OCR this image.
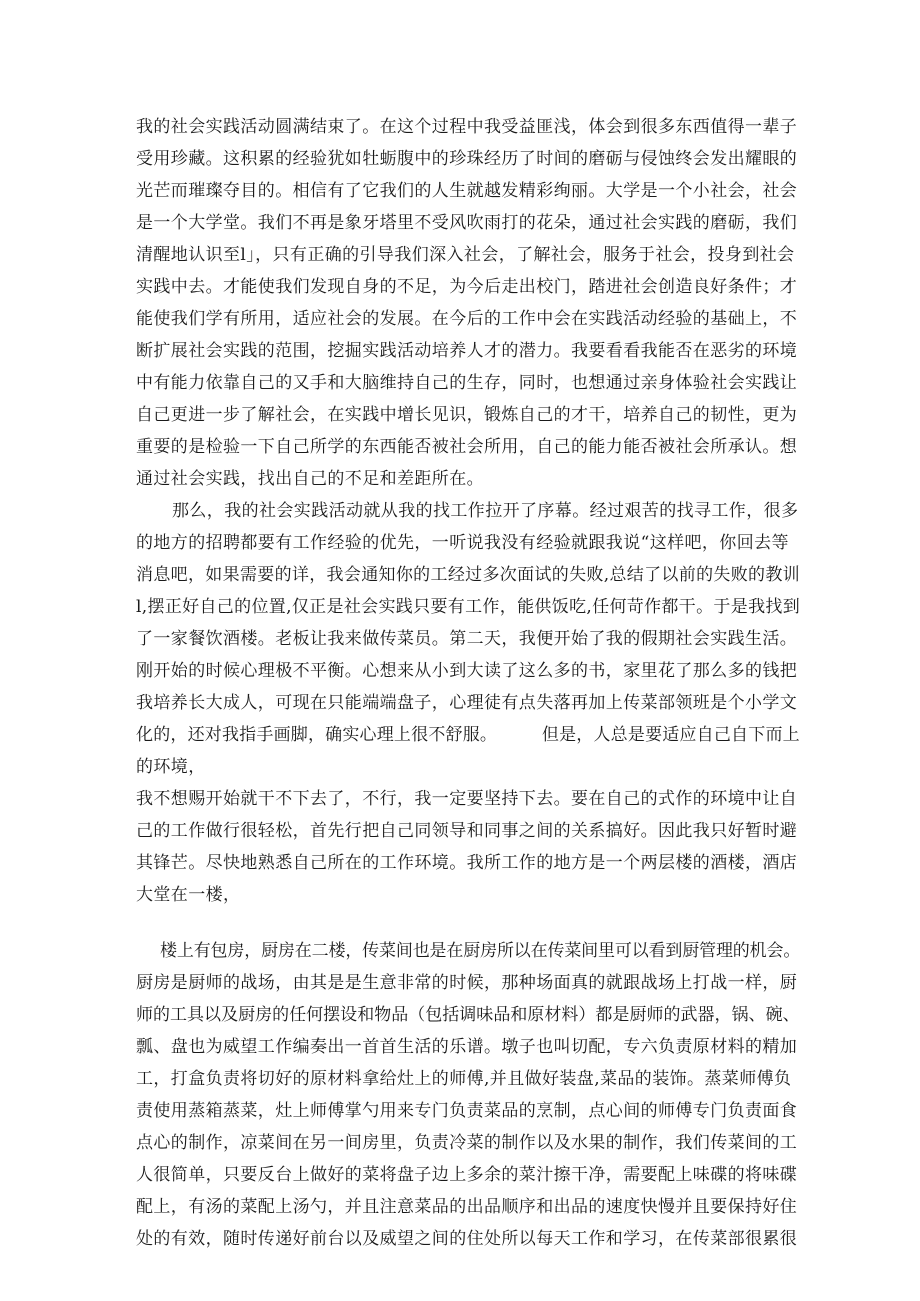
我的社会实践活动圆满结束了。在这个过程中我受益匪浅，体会到很多东西值得一辈子
受用珍藏。这积累的经验犹如牡蛎腹中的珍珠经历了时间的磨砺与侵蚀终会发出耀眼的
光芒而璀璨夺目的。相信有了它我们的人生就越发精彩绚丽。大学是一个小社会，社会
是一个大学堂。我们不再是象牙塔里不受风吹雨打的花朵，通过社会实践的磨砺，我们
清醒地认识至l」，只有正确的引导我们深入社会，了解社会，服务于社会，投身到社会
实践中去。才能使我们发现自身的不足，为今后走出校门，踏进社会创造良好条件；才
能使我们学有所用，适应社会的发展。在今后的工作中会在实践活动经验的基础上，不
断扩展社会实践的范围，挖掘实践活动培养人才的潜力。我要看看我能否在恶劣的环境
中有能力依靠自己的又手和大脑维持自己的生存，同时，也想通过亲身体验社会实践让
自己更进一步了解社会，在实践中增长见识，锻炼自己的才干，培养自己的韧性，更为
重要的是检验一下自己所学的东西能否被社会所用，自己的能力能否被社会所承认。想
通过社会实践，找出自己的不足和差距所在。
那么，我的社会实践活动就从我的找工作拉开了序幕。经过艰苦的找寻工作，很多
的地方的招聘都要有工作经验的优先，一听说我没有经验就跟我说“这样吧，你回去等
消息吧，如果需要的详，我会通知你的工经过多次面试的失败,总结了以前的失败的教训
l,摆正好自己的位置,仅正是社会实践只要有工作，能供饭吃,任何苛作都干。于是我找到
了一家餐饮酒楼。老板让我来做传菜员。第二天，我便开始了我的假期社会实践生活。
刚开始的时候心理极不平衡。心想来从小到大读了这么多的书，家里花了那么多的钱把
我培养长大成人，可现在只能端端盘子，心理徒有点失落再加上传菜部领班是个小学文
化的，还对我指手画脚，确实心理上很不舒服。        但是，人总是要适应自己自下而上
的环境，
我不想赐开始就干不下去了，不行，我一定要坚持下去。要在自己的式作的环境中让自
己的工作做行很轻松，首先行把自己同领导和同事之间的关系搞好。因此我只好暂时避
其锋芒。尽快地熟悉自己所在的工作环境。我所工作的地方是一个两层楼的酒楼，酒店
大堂在一楼，
楼上有包房，厨房在二楼，传菜间也是在厨房所以在传菜间里可以看到厨管理的机会。
厨房是厨师的战场，由其是是生意非常的时候，那种场面真的就跟战场上打战一样，厨
师的工具以及厨房的任何摆设和物品（包括调味品和原材料）都是厨师的武器，锅、碗、
瓢、盘也为威望工作编奏出一首首生活的乐谱。墩子也叫切配，专六负责原材料的精加
工，打盒负责将切好的原材料拿给灶上的师傅,并且做好装盘,菜品的装饰。蒸菜师傅负
责使用蒸箱蒸菜，灶上师傅掌勺用来专门负责菜品的烹制，点心间的师傅专门负责面食
点心的制作，凉菜间在另一间房里，负责冷菜的制作以及水果的制作，我们传菜间的工
人很简单，只要反台上做好的菜将盘子边上多余的菜汁擦干净，需要配上味碟的将味碟
配上，有汤的菜配上汤勺，并且注意菜品的出品顺序和出品的速度快慢并且要保持好住
处的有效，随时传递好前台以及威望之间的住处所以每天工作和学习，在传菜部很累很
